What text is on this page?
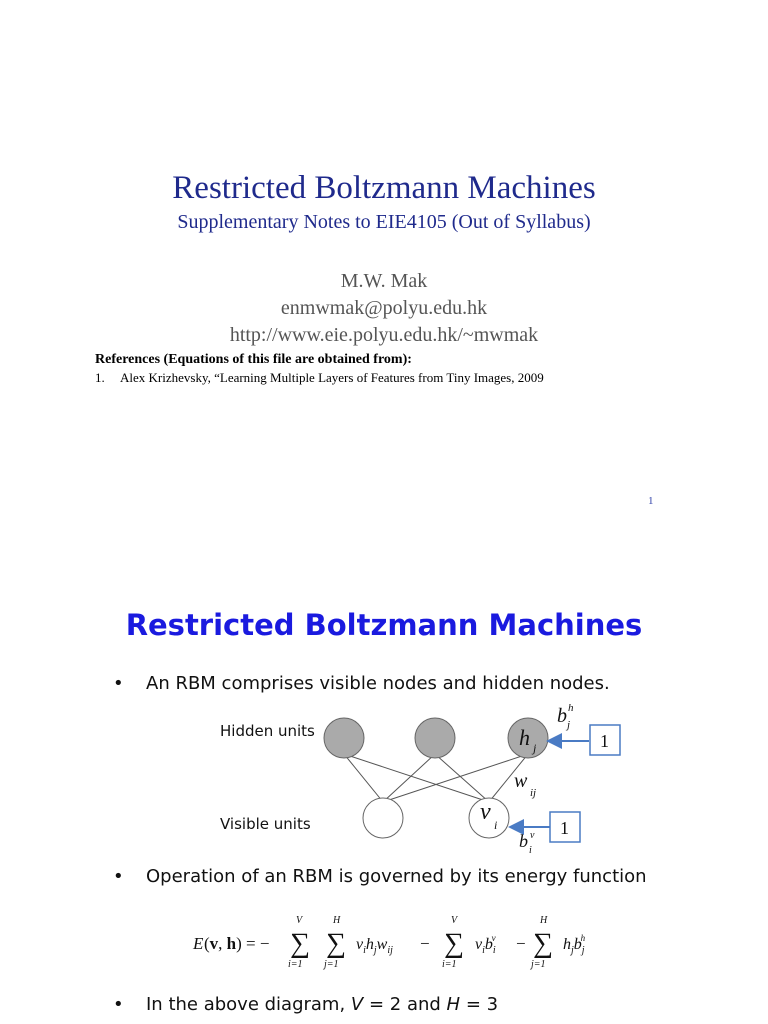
Restricted Boltzmann Machines
Supplementary Notes to EIE4105 (Out of Syllabus)
M.W. Mak
enmwmak@polyu.edu.hk
http://www.eie.polyu.edu.hk/~mwmak
References (Equations of this file are obtained from):
1. Alex Krizhevsky, “Learning Multiple Layers of Features from Tiny Images, 2009
1
Restricted Boltzmann Machines
• An RBM comprises visible nodes and hidden nodes.
Hidden units
Visible units
h j
v i
w
ij
b h
j
1
1
b v
i
E (v, h) = −
V
∑
i=1
H
∑
j=1
$v_ih_jw_{ij}$ −
V
∑
i=1
$v_ib_iv$ −
H
∑
j=1
$h_jb_jh$
• Operation of an RBM is governed by its energy function
• In the above diagram, V = 2 and H = 3
